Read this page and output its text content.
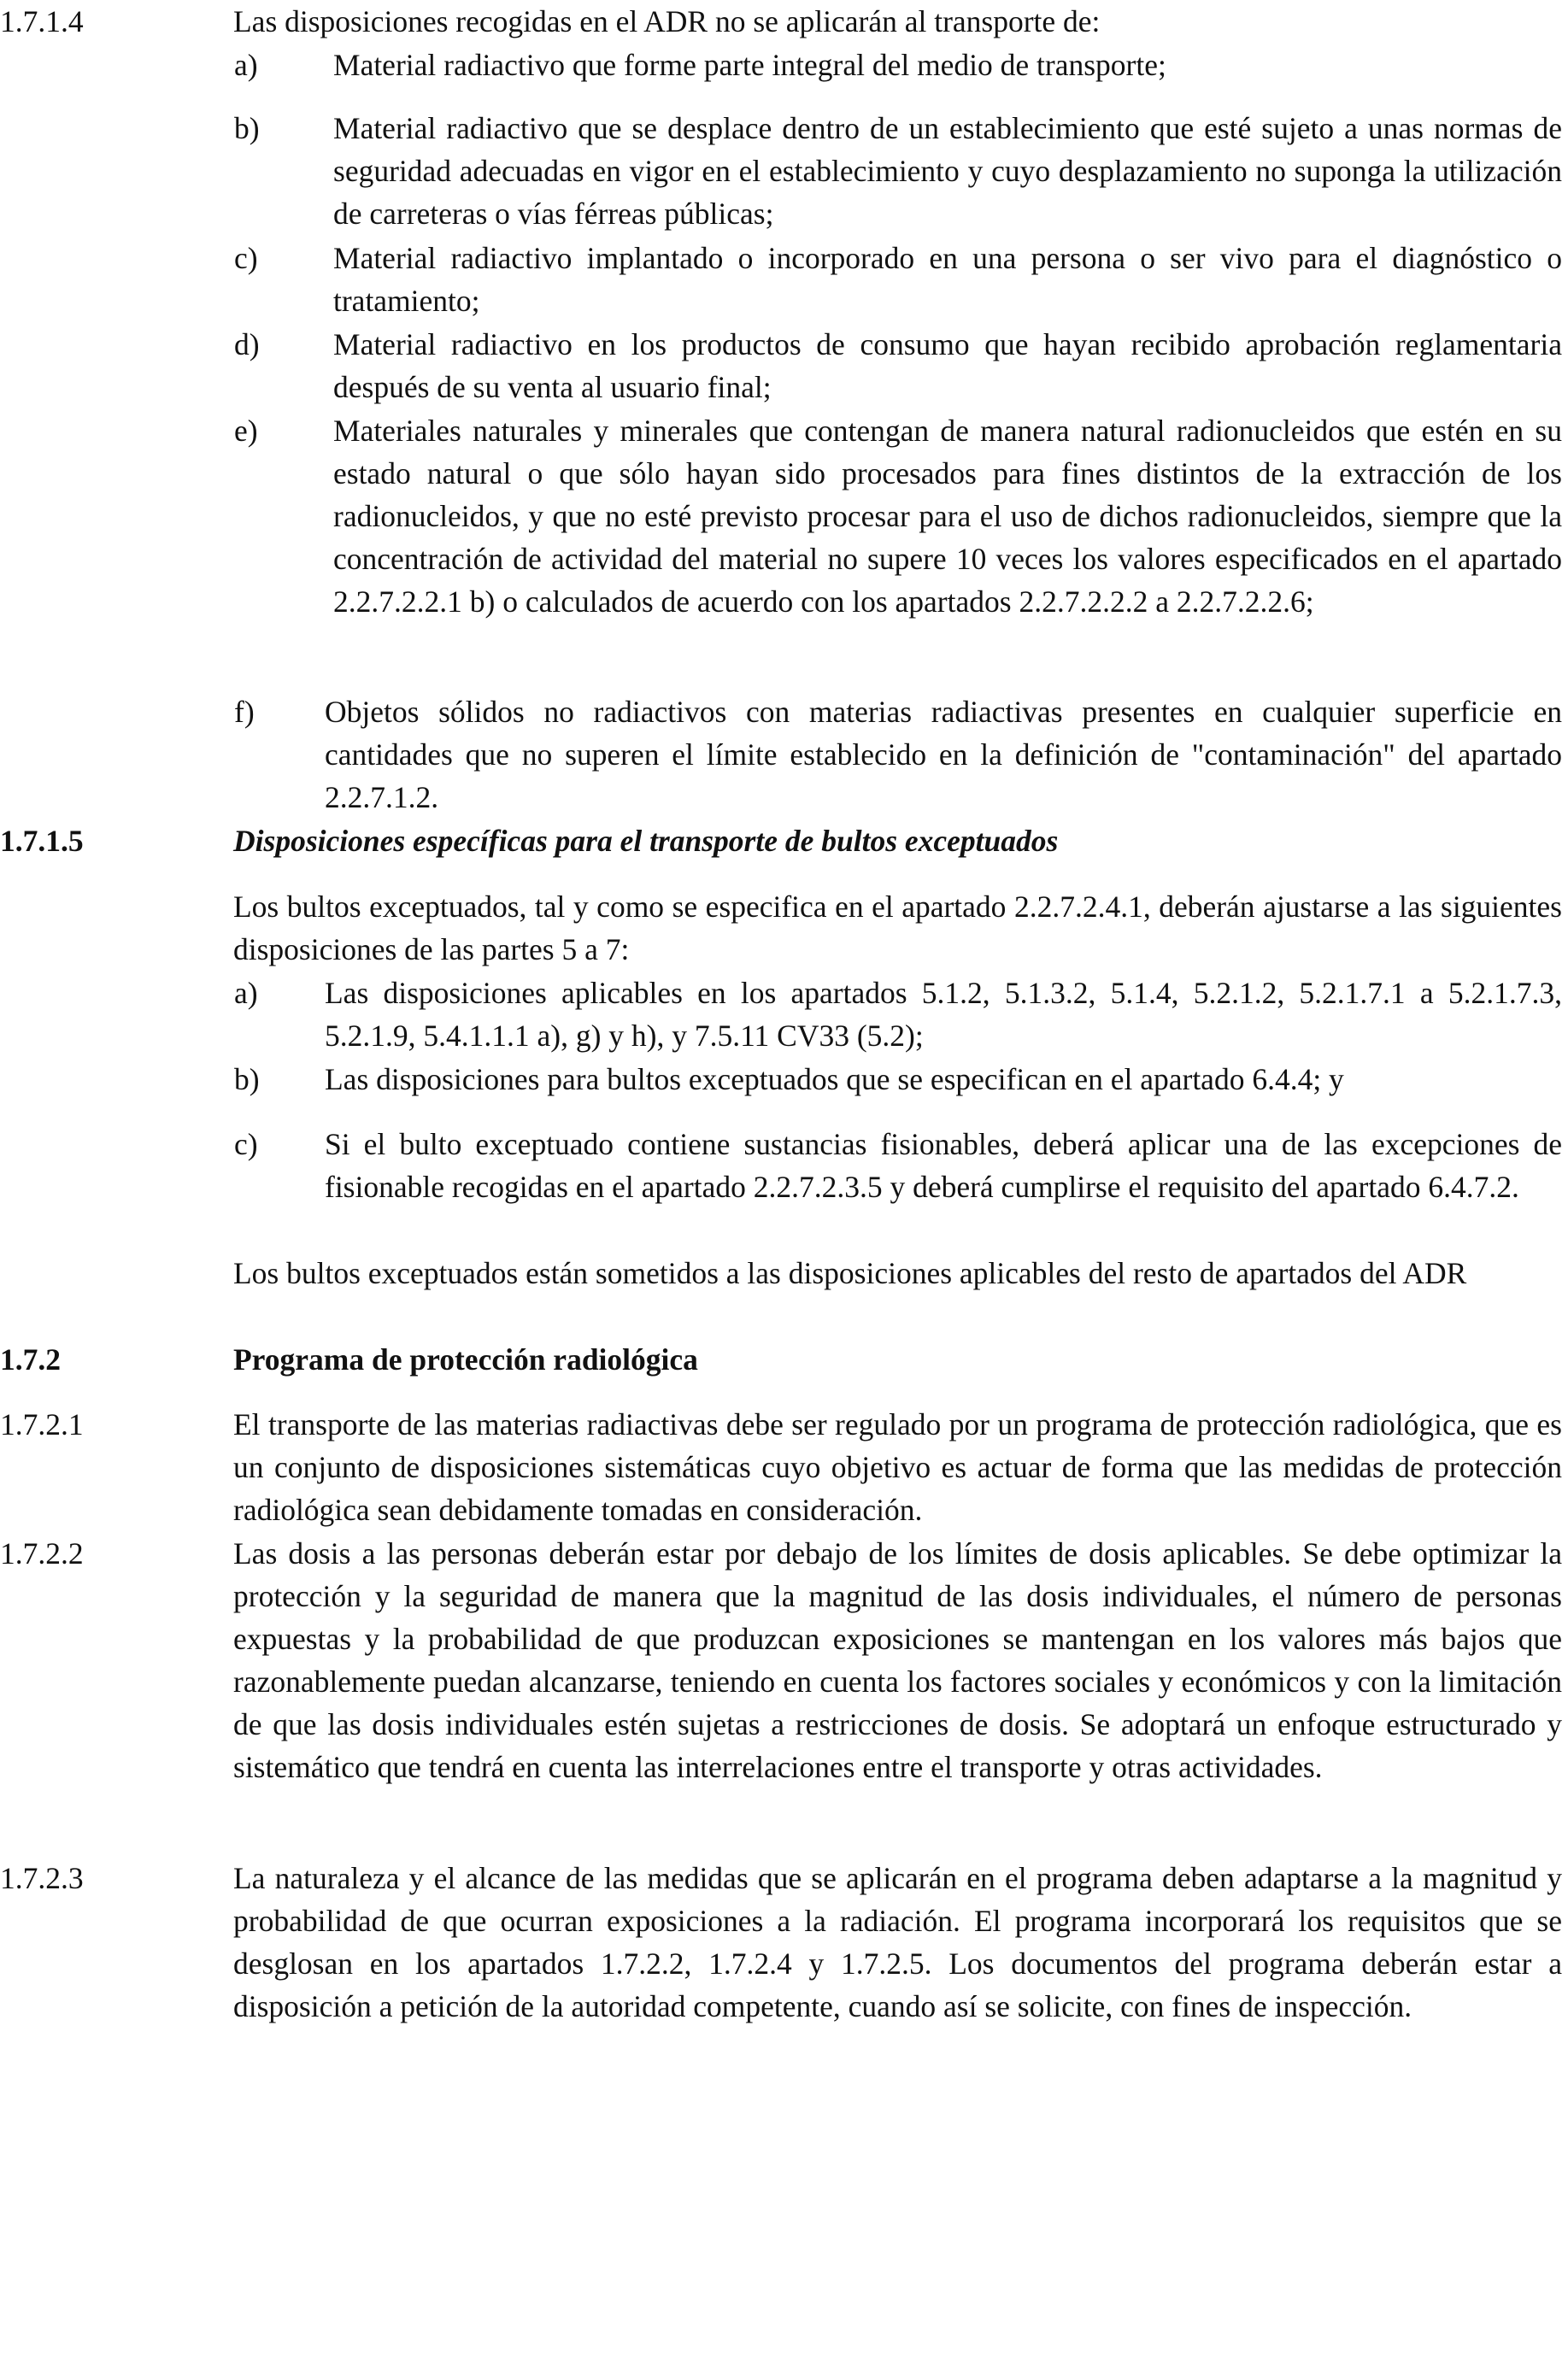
1.7.1.4	Las disposiciones recogidas en el ADR no se aplicarán al transporte de:
a) Material radiactivo que forme parte integral del medio de transporte;
b) Material radiactivo que se desplace dentro de un establecimiento que esté sujeto a unas normas de seguridad adecuadas en vigor en el establecimiento y cuyo desplazamiento no suponga la utilización de carreteras o vías férreas públicas;
c) Material radiactivo implantado o incorporado en una persona o ser vivo para el diagnóstico o tratamiento;
d) Material radiactivo en los productos de consumo que hayan recibido aprobación reglamentaria después de su venta al usuario final;
e) Materiales naturales y minerales que contengan de manera natural radionucleidos que estén en su estado natural o que sólo hayan sido procesados para fines distintos de la extracción de los radionucleidos, y que no esté previsto procesar para el uso de dichos radionucleidos, siempre que la concentración de actividad del material no supere 10 veces los valores especificados en el apartado 2.2.7.2.2.1 b) o calculados de acuerdo con los apartados 2.2.7.2.2.2 a 2.2.7.2.2.6;
f) Objetos sólidos no radiactivos con materias radiactivas presentes en cualquier superficie en cantidades que no superen el límite establecido en la definición de "contaminación" del apartado 2.2.7.1.2.
1.7.1.5	Disposiciones específicas para el transporte de bultos exceptuados
Los bultos exceptuados, tal y como se especifica en el apartado 2.2.7.2.4.1, deberán ajustarse a las siguientes disposiciones de las partes 5 a 7:
a) Las disposiciones aplicables en los apartados 5.1.2, 5.1.3.2, 5.1.4, 5.2.1.2, 5.2.1.7.1 a 5.2.1.7.3, 5.2.1.9, 5.4.1.1.1 a), g) y h), y 7.5.11 CV33 (5.2);
b) Las disposiciones para bultos exceptuados que se especifican en el apartado 6.4.4; y
c) Si el bulto exceptuado contiene sustancias fisionables, deberá aplicar una de las excepciones de fisionable recogidas en el apartado 2.2.7.2.3.5 y deberá cumplirse el requisito del apartado 6.4.7.2.
Los bultos exceptuados están sometidos a las disposiciones aplicables del resto de apartados del ADR
1.7.2	Programa de protección radiológica
1.7.2.1	El transporte de las materias radiactivas debe ser regulado por un programa de protección radiológica, que es un conjunto de disposiciones sistemáticas cuyo objetivo es actuar de forma que las medidas de protección radiológica sean debidamente tomadas en consideración.
1.7.2.2	Las dosis a las personas deberán estar por debajo de los límites de dosis aplicables. Se debe optimizar la protección y la seguridad de manera que la magnitud de las dosis individuales, el número de personas expuestas y la probabilidad de que produzcan exposiciones se mantengan en los valores más bajos que razonablemente puedan alcanzarse, teniendo en cuenta los factores sociales y económicos y con la limitación de que las dosis individuales estén sujetas a restricciones de dosis. Se adoptará un enfoque estructurado y sistemático que tendrá en cuenta las interrelaciones entre el transporte y otras actividades.
1.7.2.3	La naturaleza y el alcance de las medidas que se aplicarán en el programa deben adaptarse a la magnitud y probabilidad de que ocurran exposiciones a la radiación. El programa incorporará los requisitos que se desglosan en los apartados 1.7.2.2, 1.7.2.4 y 1.7.2.5. Los documentos del programa deberán estar a disposición a petición de la autoridad competente, cuando así se solicite, con fines de inspección.
